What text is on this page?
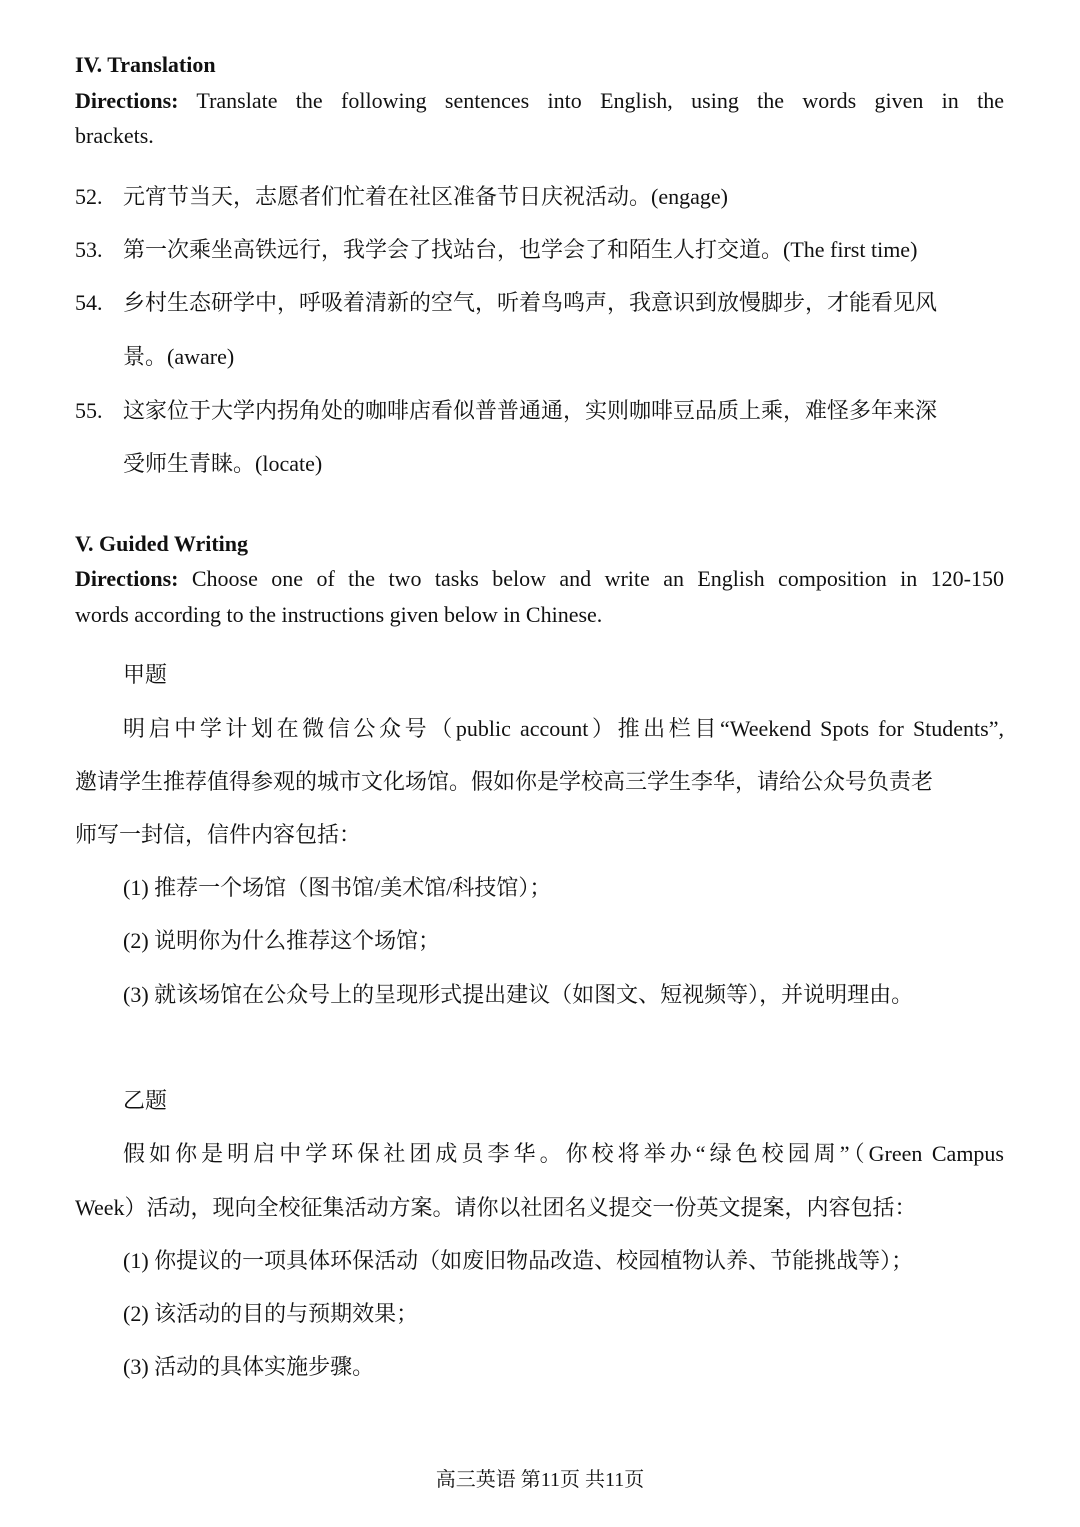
IV. Translation
Directions: Translate the following sentences into English, using the words given in the
brackets.
52. 元宵节当天，志愿者们忙着在社区准备节日庆祝活动。(engage)
53. 第一次乘坐高铁远行，我学会了找站台，也学会了和陌生人打交道。(The first time)
54. 乡村生态研学中，呼吸着清新的空气，听着鸟鸣声，我意识到放慢脚步，才能看见风
景。(aware)
55. 这家位于大学内拐角处的咖啡店看似普普通通，实则咖啡豆品质上乘，难怪多年来深
受师生青睐。(locate)
V. Guided Writing
Directions: Choose one of the two tasks below and write an English composition in 120-150
words according to the instructions given below in Chinese.
甲题
明启中学计划在微信公众号（public account）推出栏目“Weekend Spots for Students”,
邀请学生推荐值得参观的城市文化场馆。假如你是学校高三学生李华，请给公众号负责老
师写一封信，信件内容包括：
(1) 推荐一个场馆（图书馆/美术馆/科技馆）；
(2) 说明你为什么推荐这个场馆；
(3) 就该场馆在公众号上的呈现形式提出建议（如图文、短视频等），并说明理由。
乙题
假如你是明启中学环保社团成员李华。你校将举办“绿色校园周”（Green Campus
Week）活动，现向全校征集活动方案。请你以社团名义提交一份英文提案，内容包括：
(1) 你提议的一项具体环保活动（如废旧物品改造、校园植物认养、节能挑战等）；
(2) 该活动的目的与预期效果；
(3) 活动的具体实施步骤。
高三英语 第11页 共11页
